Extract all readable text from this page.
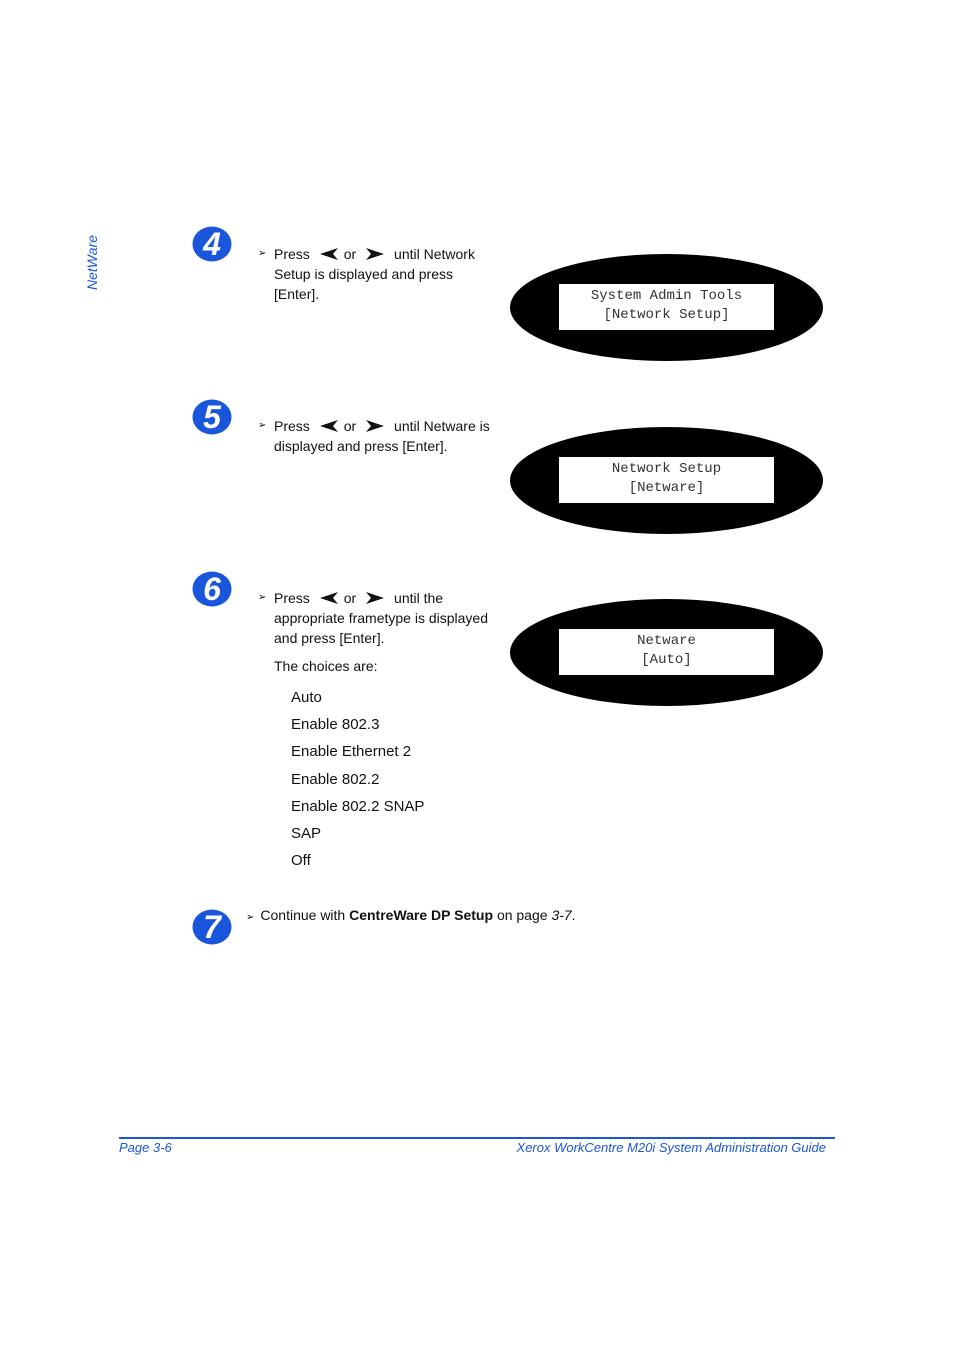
NetWare	4	➢ Press or	until Network Setup is displayed and press [Enter].	System Admin Tools
[Network Setup]
5	➢ Press or	until Netware is displayed and press [Enter].
Network Setup
[Netware]
6	➢ Press or	until the appropriate frametype is displayed and press [Enter].
The choices are:
Auto
Enable 802.3
Enable Ethernet 2
Enable 802.2
Enable 802.2 SNAP
SAP
Off
Netware
[Auto]
7	➢ Continue with CentreWare DP Setup on page 3-7.
Page 3-6	Xerox WorkCentre M20i System Administration Guide
